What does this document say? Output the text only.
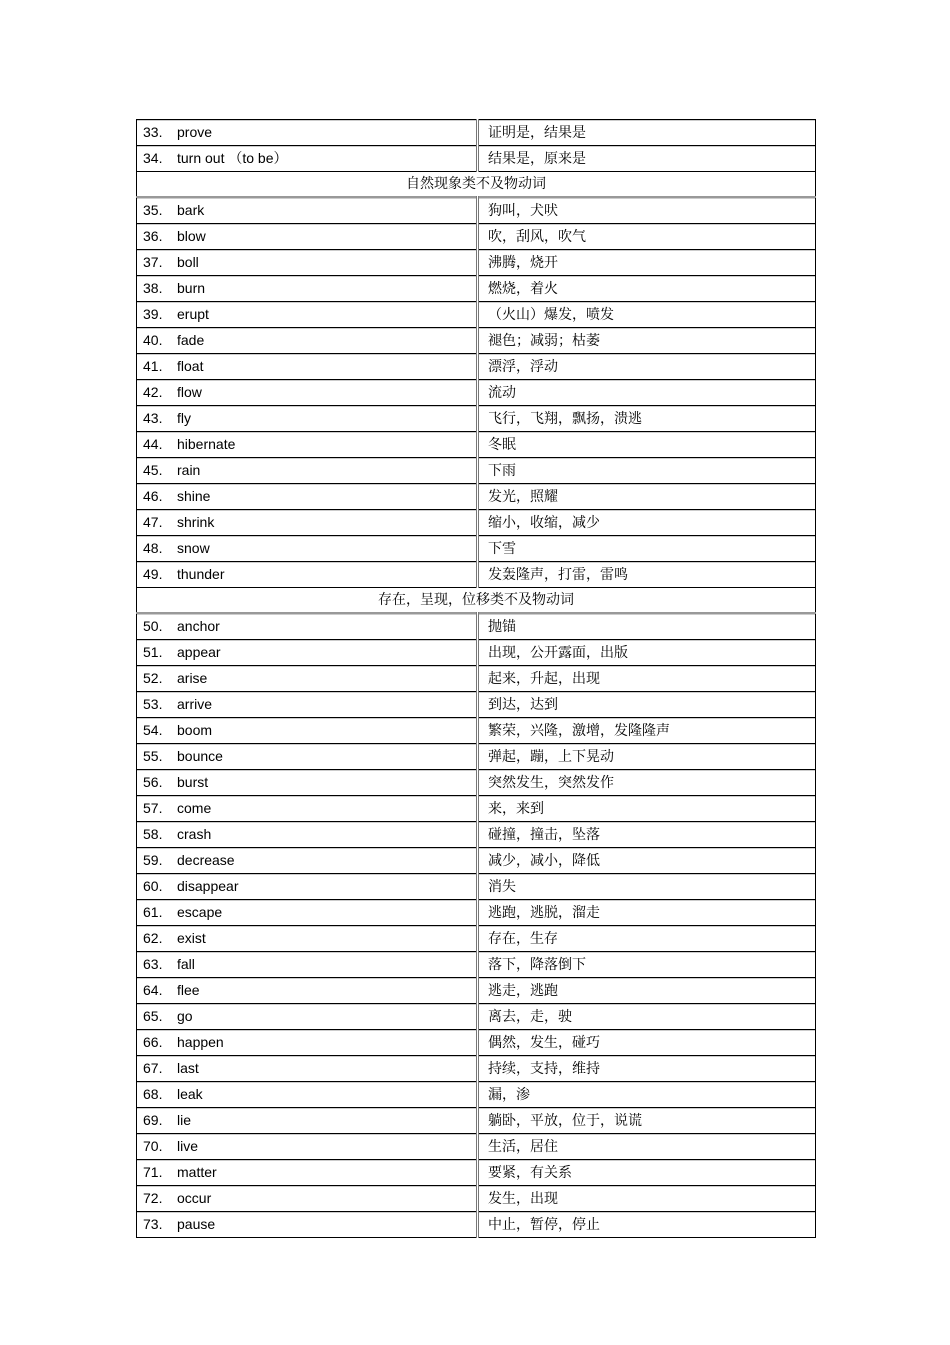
33. prove	证明是，结果是
34. turn out （to be）	结果是，原来是
自然现象类不及物动词	
35. bark	狗叫，犬吠
36. blow	吹，刮风，吹气
37. boll	沸腾，烧开
38. burn	燃烧，着火
39. erupt	（火山）爆发，喷发
40. fade	褪色；减弱；枯萎
41. float	漂浮，浮动
42. flow	流动
43. fly	飞行，飞翔，飘扬，溃逃
44. hibernate	冬眠
45. rain	下雨
46. shine	发光，照耀
47. shrink	缩小，收缩，减少
48. snow	下雪
49. thunder	发轰隆声，打雷，雷鸣
存在，呈现，位移类不及物动词	
50. anchor	抛锚
51. appear	出现，公开露面，出版
52. arise	起来，升起，出现
53. arrive	到达，达到
54. boom	繁荣，兴隆，激增，发隆隆声
55. bounce	弹起，蹦，上下晃动
56. burst	突然发生，突然发作
57. come	来，来到
58. crash	碰撞，撞击，坠落
59. decrease	减少，减小，降低
60. disappear	消失
61. escape	逃跑，逃脱，溜走
62. exist	存在，生存
63. fall	落下，降落倒下
64. flee	逃走，逃跑
65. go	离去，走，驶
66. happen	偶然，发生，碰巧
67. last	持续，支持，维持
68. leak	漏，渗
69. lie	躺卧，平放，位于，说谎
70. live	生活，居住
71. matter	要紧，有关系
72. occur	发生，出现
73. pause	中止，暂停，停止
